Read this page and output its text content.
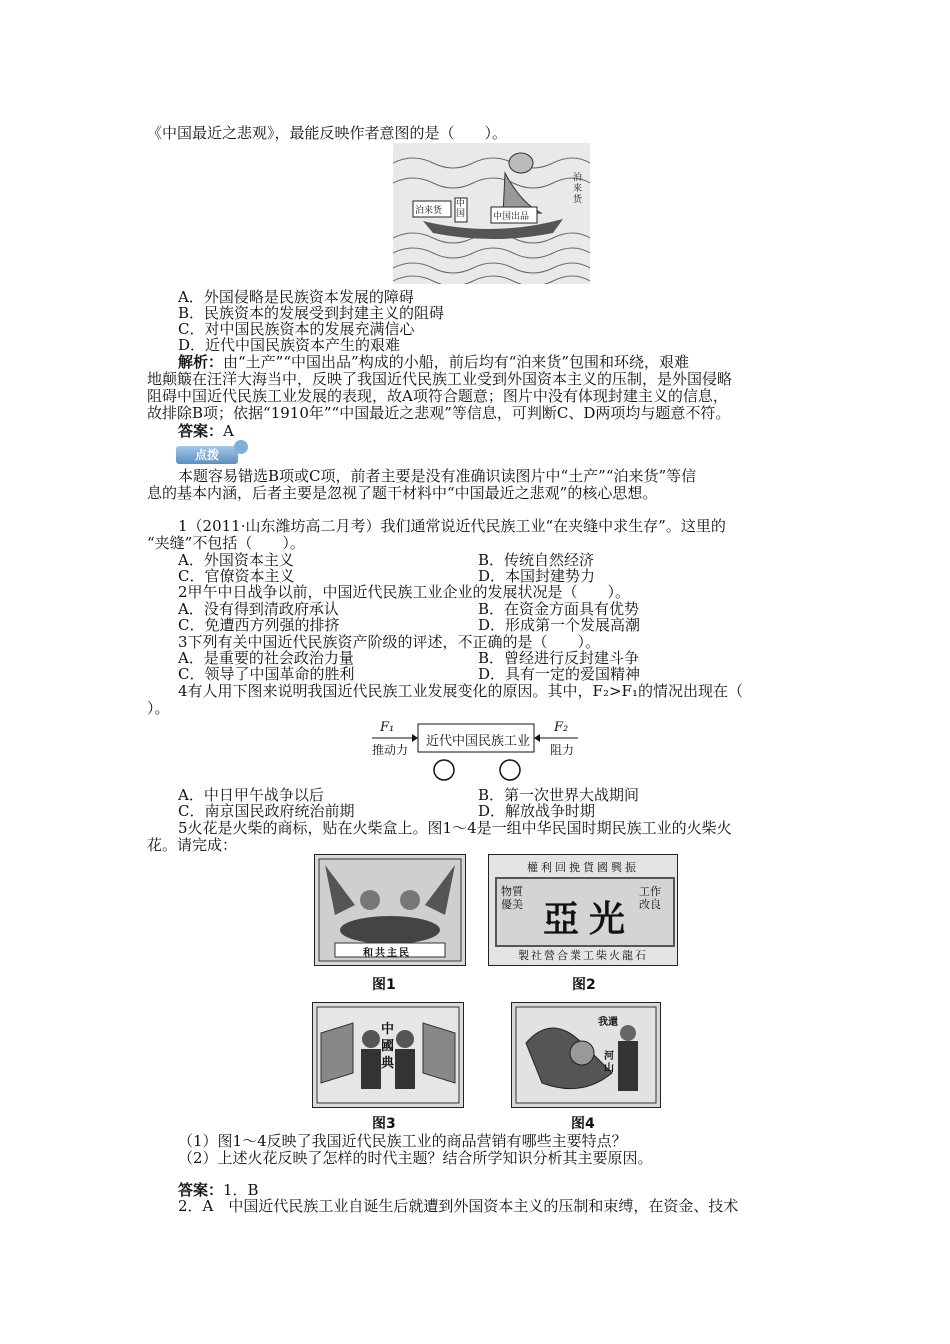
《中国最近之悲观》，最能反映作者意图的是（　　）。
泊来货
中国	中国出品
泊来货
A．外国侵略是民族资本发展的障碍
B．民族资本的发展受到封建主义的阻碍
C．对中国民族资本的发展充满信心
D．近代中国民族资本产生的艰难
解析：由“土产”“中国出品”构成的小船，前后均有“泊来货”包围和环绕，艰难
地颠簸在汪洋大海当中，反映了我国近代民族工业受到外国资本主义的压制，是外国侵略
阻碍中国近代民族工业发展的表现，故A项符合题意；图片中没有体现封建主义的信息，
故排除B项；依据“1910年”“中国最近之悲观”等信息，可判断C、D两项均与题意不符。
答案：A
点拨
本题容易错选B项或C项，前者主要是没有准确识读图片中“土产”“泊来货”等信
息的基本内涵，后者主要是忽视了题干材料中“中国最近之悲观”的核心思想。
1（2011·山东潍坊高二月考）我们通常说近代民族工业“在夹缝中求生存”。这里的
“夹缝”不包括（　　）。
A．外国资本主义	B．传统自然经济
C．官僚资本主义	D．本国封建势力
2甲午中日战争以前，中国近代民族工业企业的发展状况是（　　）。
A．没有得到清政府承认	B．在资金方面具有优势
C．免遭西方列强的排挤	D．形成第一个发展高潮
3下列有关中国近代民族资产阶级的评述，不正确的是（　　）。
A．是重要的社会政治力量	B．曾经进行反封建斗争
C．领导了中国革命的胜利	D．具有一定的爱国精神
4有人用下图来说明我国近代民族工业发展变化的原因。其中，F₂>F₁的情况出现在（
）。
F₁
推动力
F₂
阻力
近代中国民族工业
A．中日甲午战争以后	B．第一次世界大战期间
C．南京国民政府统治前期	D．解放战争时期
5火花是火柴的商标，贴在火柴盒上。图1～4是一组中华民国时期民族工业的火柴火
花。请完成：
和共主民
图1
權利回挽貨國興振
物質優美
工作改良
亞 光
製社營合業工柴火龍石
图2
中國典
图3
我還
河山
图4
（1）图1～4反映了我国近代民族工业的商品营销有哪些主要特点？
（2）上述火花反映了怎样的时代主题？结合所学知识分析其主要原因。
答案：1．B
2．A　中国近代民族工业自诞生后就遭到外国资本主义的压制和束缚，在资金、技术
